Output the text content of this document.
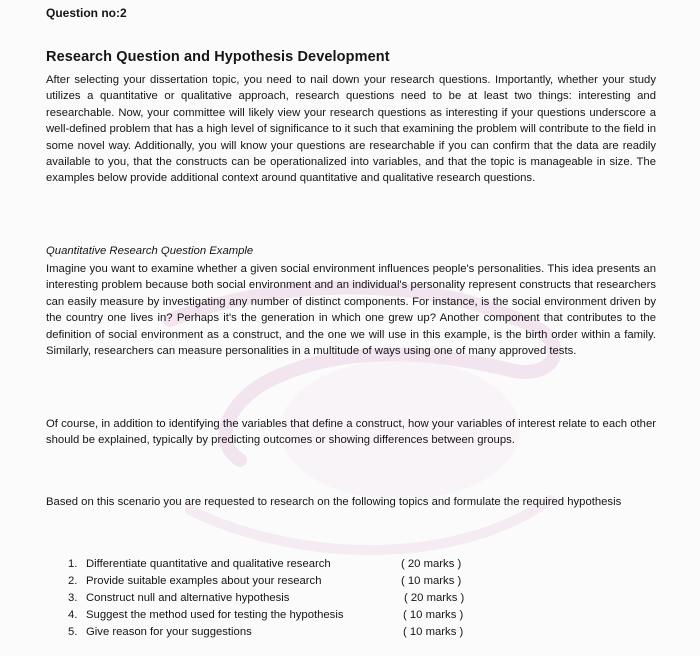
Question no:2

Research Question and Hypothesis Development

After selecting your dissertation topic, you need to nail down your research questions. Importantly, whether your study utilizes a quantitative or qualitative approach, research questions need to be at least two things: interesting and researchable. Now, your committee will likely view your research questions as interesting if your questions underscore a well-defined problem that has a high level of significance to it such that examining the problem will contribute to the field in some novel way. Additionally, you will know your questions are researchable if you can confirm that the data are readily available to you, that the constructs can be operationalized into variables, and that the topic is manageable in size. The examples below provide additional context around quantitative and qualitative research questions.

Quantitative Research Question Example

Imagine you want to examine whether a given social environment influences people's personalities. This idea presents an interesting problem because both social environment and an individual's personality represent constructs that researchers can easily measure by investigating any number of distinct components. For instance, is the social environment driven by the country one lives in? Perhaps it's the generation in which one grew up? Another component that contributes to the definition of social environment as a construct, and the one we will use in this example, is the birth order within a family. Similarly, researchers can measure personalities in a multitude of ways using one of many approved tests.

Of course, in addition to identifying the variables that define a construct, how your variables of interest relate to each other should be explained, typically by predicting outcomes or showing differences between groups.

Based on this scenario you are requested to research on the following topics and formulate the required hypothesis

1. Differentiate quantitative and qualitative research	( 20 marks )
2. Provide suitable examples about your research	( 10 marks )
3. Construct null and alternative hypothesis	( 20 marks )
4. Suggest the method used for testing the hypothesis	( 10 marks )
5. Give reason for your suggestions	( 10 marks )
